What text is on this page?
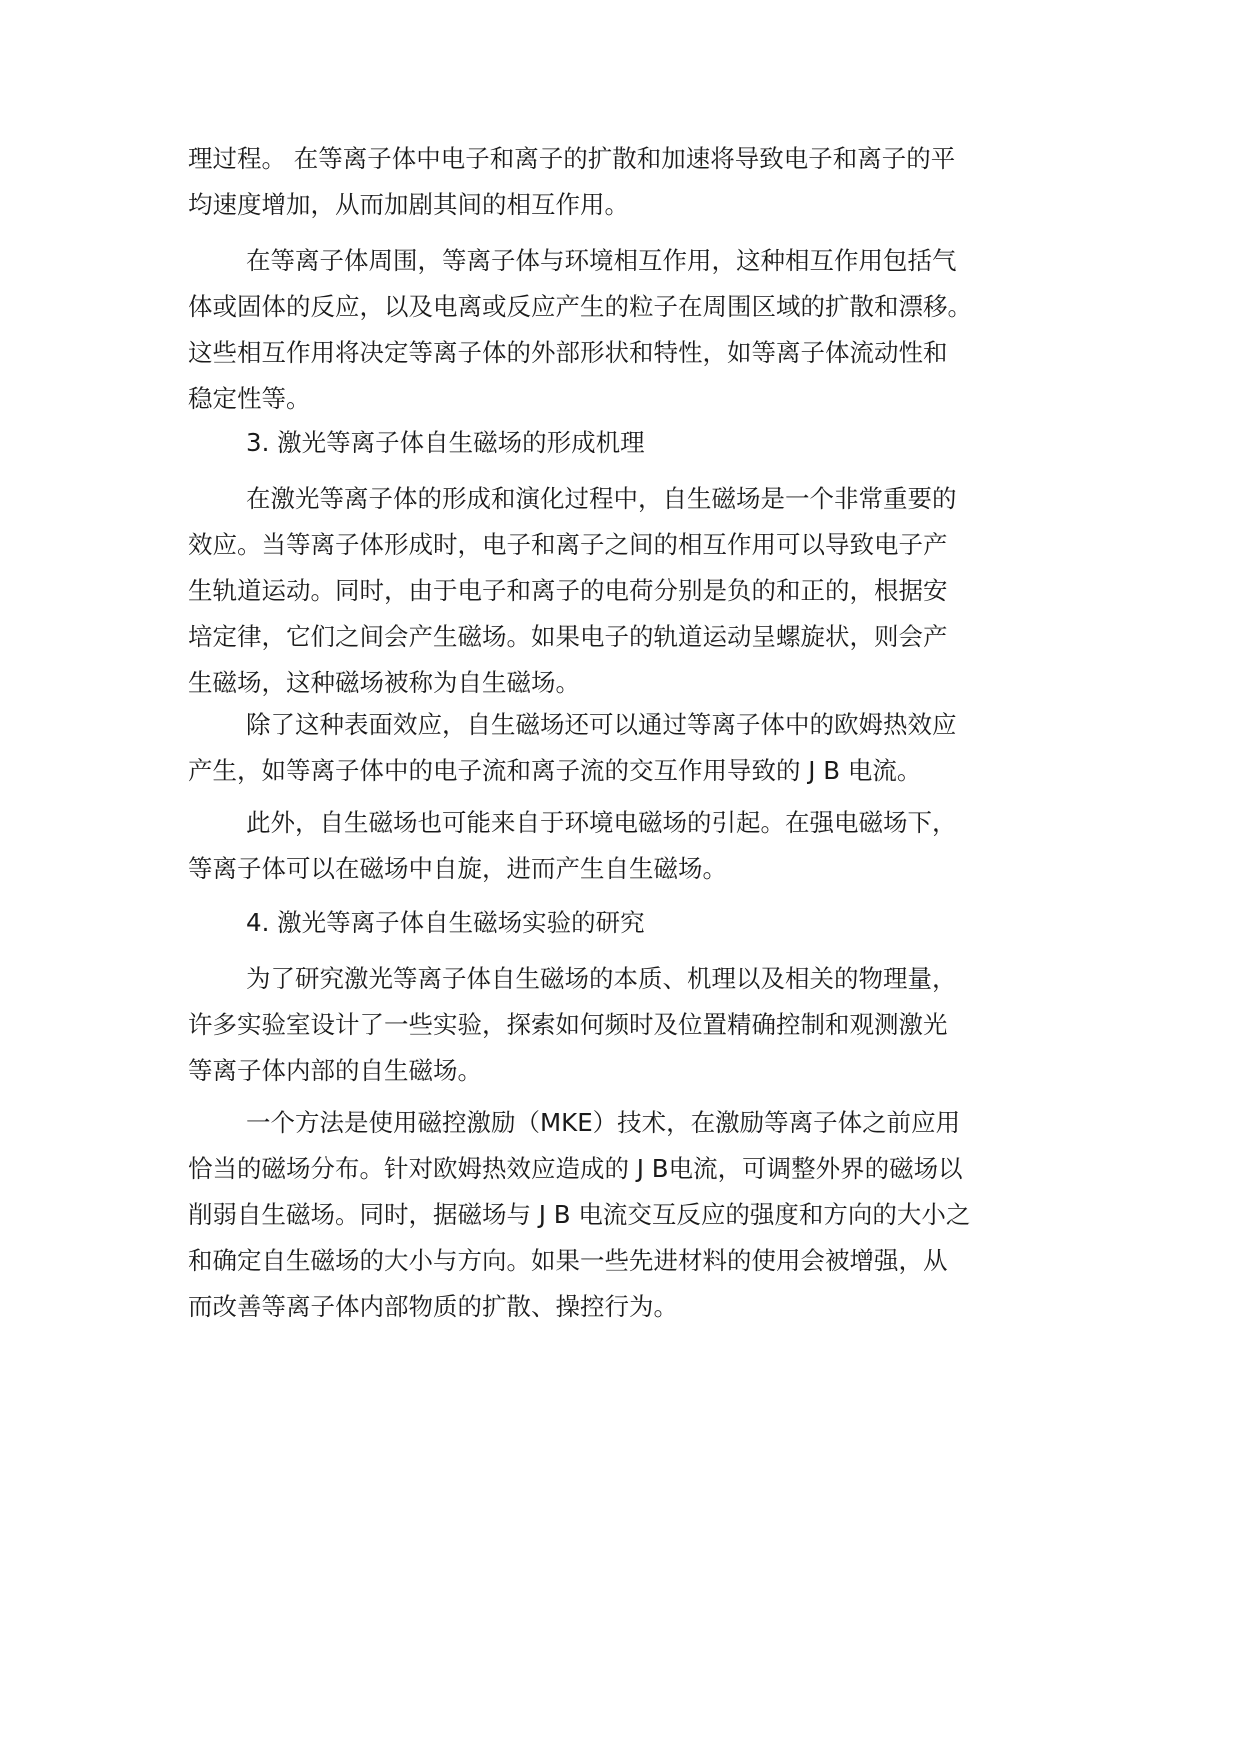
理过程。 在等离子体中电子和离子的扩散和加速将导致电子和离子的平
均速度增加，从而加剧其间的相互作用。
在等离子体周围，等离子体与环境相互作用，这种相互作用包括气
体或固体的反应，以及电离或反应产生的粒子在周围区域的扩散和漂移。
这些相互作用将决定等离子体的外部形状和特性，如等离子体流动性和
稳定性等。
3. 激光等离子体自生磁场的形成机理
在激光等离子体的形成和演化过程中，自生磁场是一个非常重要的
效应。当等离子体形成时，电子和离子之间的相互作用可以导致电子产
生轨道运动。同时，由于电子和离子的电荷分别是负的和正的，根据安
培定律，它们之间会产生磁场。如果电子的轨道运动呈螺旋状，则会产
生磁场，这种磁场被称为自生磁场。
除了这种表面效应，自生磁场还可以通过等离子体中的欧姆热效应
产生，如等离子体中的电子流和离子流的交互作用导致的 J B 电流。
此外，自生磁场也可能来自于环境电磁场的引起。在强电磁场下，
等离子体可以在磁场中自旋，进而产生自生磁场。
4. 激光等离子体自生磁场实验的研究
为了研究激光等离子体自生磁场的本质、机理以及相关的物理量，
许多实验室设计了一些实验，探索如何频时及位置精确控制和观测激光
等离子体内部的自生磁场。
一个方法是使用磁控激励（MKE）技术，在激励等离子体之前应用
恰当的磁场分布。针对欧姆热效应造成的 J B电流，可调整外界的磁场以
削弱自生磁场。同时，据磁场与 J B 电流交互反应的强度和方向的大小之
和确定自生磁场的大小与方向。如果一些先进材料的使用会被增强，从
而改善等离子体内部物质的扩散、操控行为。
